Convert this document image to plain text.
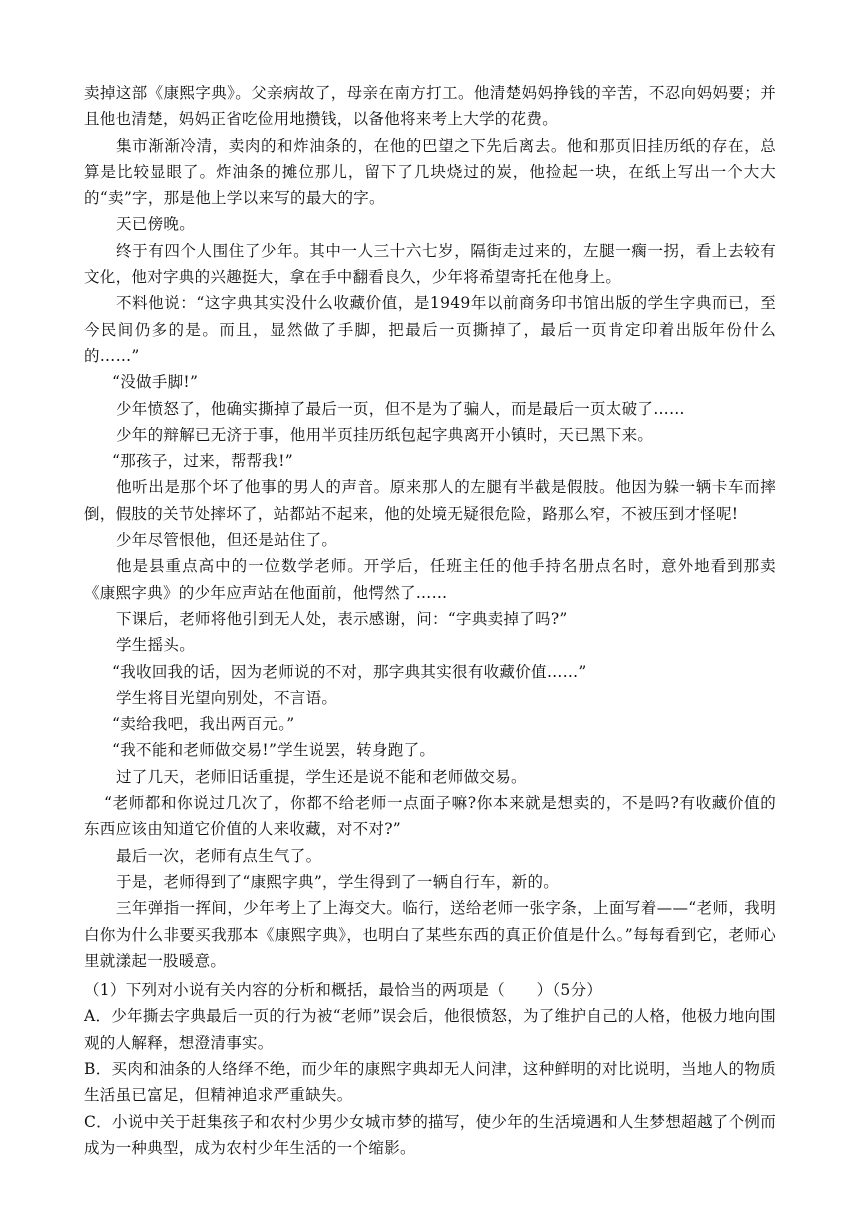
卖掉这部《康熙字典》。父亲病故了，母亲在南方打工。他清楚妈妈挣钱的辛苦，不忍向妈妈要；并且他也清楚，妈妈正省吃俭用地攒钱，以备他将来考上大学的花费。

集市渐渐冷清，卖肉的和炸油条的，在他的巴望之下先后离去。他和那页旧挂历纸的存在，总算是比较显眼了。炸油条的摊位那儿，留下了几块烧过的炭，他捡起一块，在纸上写出一个大大的“卖”字，那是他上学以来写的最大的字。

天已傍晚。

终于有四个人围住了少年。其中一人三十六七岁，隔街走过来的，左腿一瘸一拐，看上去较有文化，他对字典的兴趣挺大，拿在手中翻看良久，少年将希望寄托在他身上。

不料他说：“这字典其实没什么收藏价值，是1949年以前商务印书馆出版的学生字典而已，至今民间仍多的是。而且，显然做了手脚，把最后一页撕掉了，最后一页肯定印着出版年份什么的……”

“没做手脚!”

少年愤怒了，他确实撕掉了最后一页，但不是为了骗人，而是最后一页太破了……

少年的辩解已无济于事，他用半页挂历纸包起字典离开小镇时，天已黑下来。

“那孩子，过来，帮帮我!”

他听出是那个坏了他事的男人的声音。原来那人的左腿有半截是假肢。他因为躲一辆卡车而摔倒，假肢的关节处摔坏了，站都站不起来，他的处境无疑很危险，路那么窄，不被压到才怪呢!

少年尽管恨他，但还是站住了。

他是县重点高中的一位数学老师。开学后，任班主任的他手持名册点名时，意外地看到那卖《康熙字典》的少年应声站在他面前，他愕然了……

下课后，老师将他引到无人处，表示感谢，问：“字典卖掉了吗?”

学生摇头。

“我收回我的话，因为老师说的不对，那字典其实很有收藏价值……”

学生将目光望向别处，不言语。

“卖给我吧，我出两百元。”

“我不能和老师做交易!”学生说罢，转身跑了。

过了几天，老师旧话重提，学生还是说不能和老师做交易。

“老师都和你说过几次了，你都不给老师一点面子嘛?你本来就是想卖的，不是吗?有收藏价值的东西应该由知道它价值的人来收藏，对不对?”

最后一次，老师有点生气了。

于是，老师得到了“康熙字典”，学生得到了一辆自行车，新的。

三年弹指一挥间，少年考上了上海交大。临行，送给老师一张字条，上面写着——“老师，我明白你为什么非要买我那本《康熙字典》，也明白了某些东西的真正价值是什么。”每每看到它，老师心里就漾起一股暖意。

（1）下列对小说有关内容的分析和概括，最恰当的两项是（　　）（5分）

A．少年撕去字典最后一页的行为被“老师”误会后，他很愤怒，为了维护自己的人格，他极力地向围观的人解释，想澄清事实。

B．买肉和油条的人络绎不绝，而少年的康熙字典却无人问津，这种鲜明的对比说明，当地人的物质生活虽已富足，但精神追求严重缺失。

C．小说中关于赶集孩子和农村少男少女城市梦的描写，使少年的生活境遇和人生梦想超越了个例而成为一种典型，成为农村少年生活的一个缩影。
